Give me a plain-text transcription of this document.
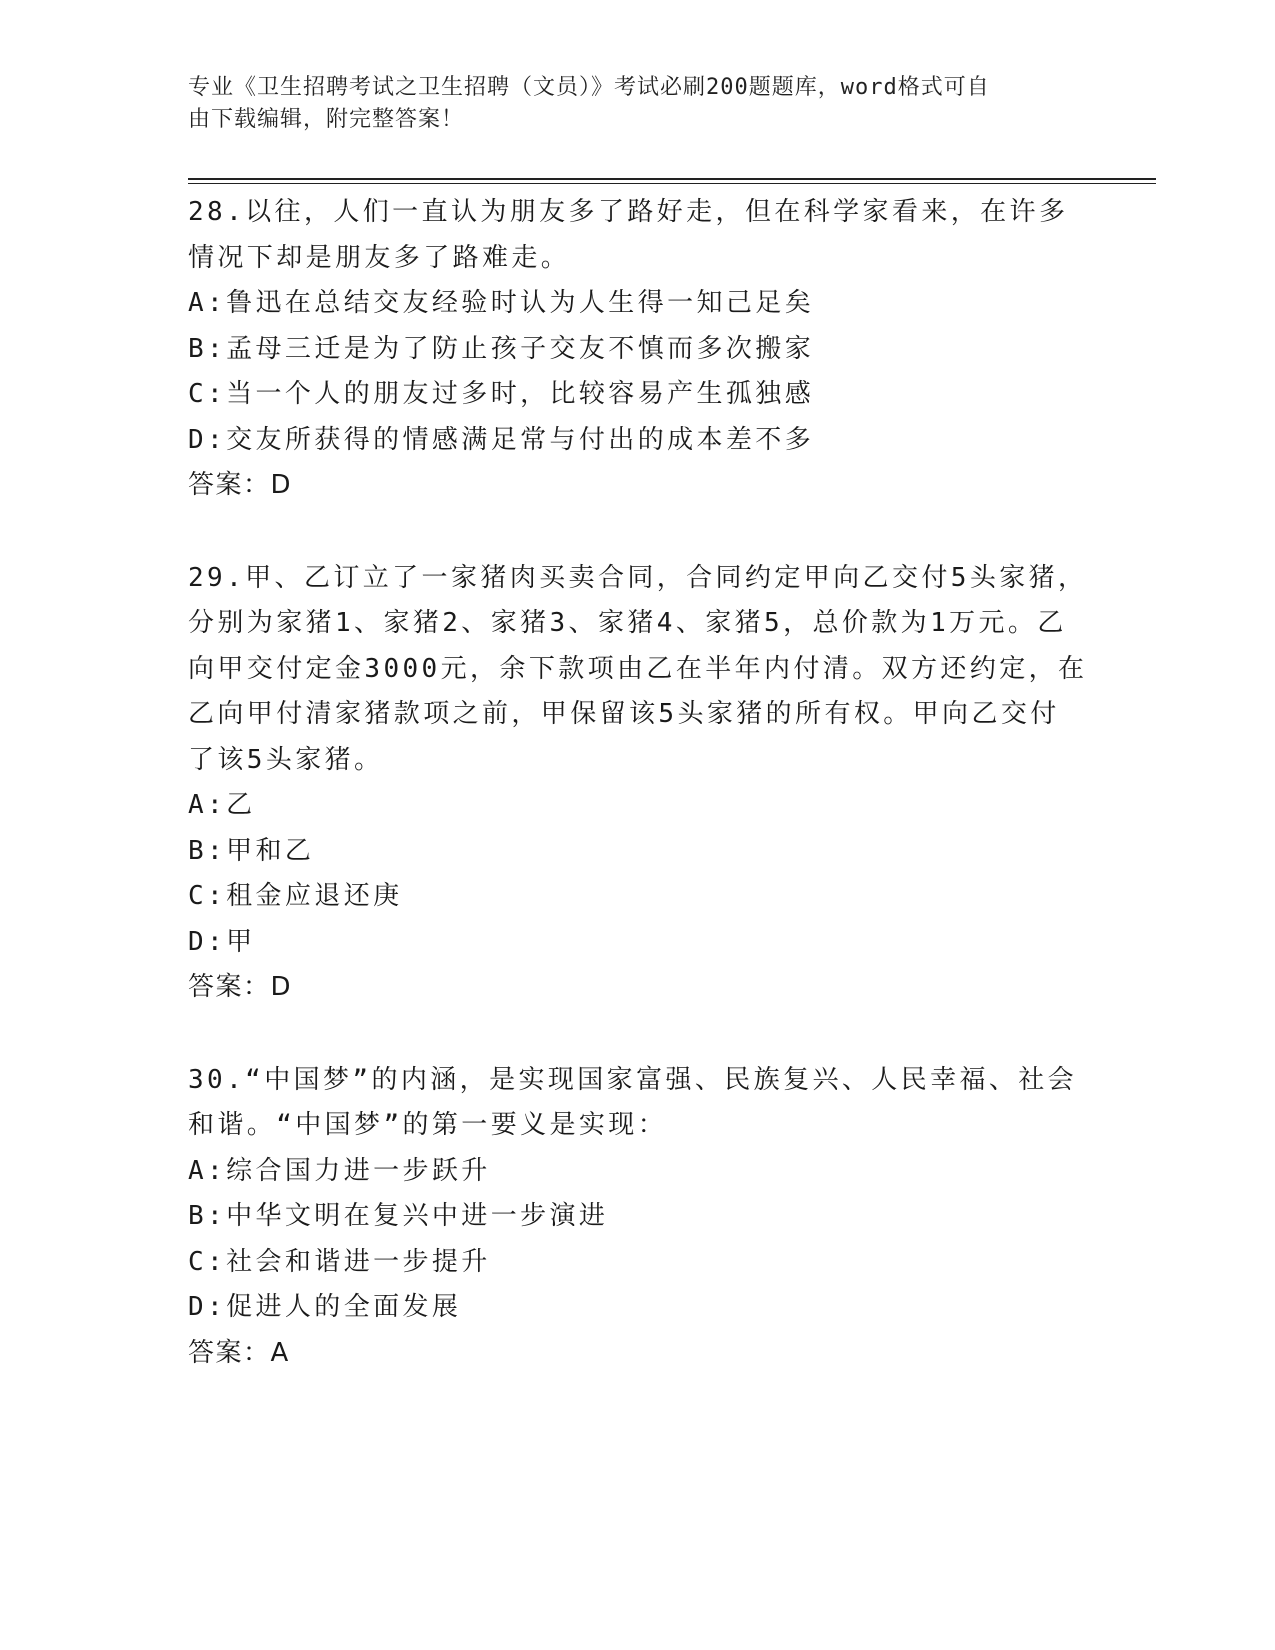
专业《卫生招聘考试之卫生招聘（文员）》考试必刷200题题库，word格式可自
由下载编辑，附完整答案！

28.以往，人们一直认为朋友多了路好走，但在科学家看来，在许多情况下却是朋友多了路难走。

A:鲁迅在总结交友经验时认为人生得一知己足矣

B:孟母三迁是为了防止孩子交友不慎而多次搬家

C:当一个人的朋友过多时，比较容易产生孤独感

D:交友所获得的情感满足常与付出的成本差不多

答案：D

29.甲、乙订立了一家猪肉买卖合同，合同约定甲向乙交付5头家猪，分别为家猪1、家猪2、家猪3、家猪4、家猪5，总价款为1万元。乙向甲交付定金3000元，余下款项由乙在半年内付清。双方还约定，在乙向甲付清家猪款项之前，甲保留该5头家猪的所有权。甲向乙交付了该5头家猪。

A:乙

B:甲和乙

C:租金应退还庚

D:甲

答案：D

30.“中国梦”的内涵，是实现国家富强、民族复兴、人民幸福、社会和谐。“中国梦”的第一要义是实现：

A:综合国力进一步跃升

B:中华文明在复兴中进一步演进

C:社会和谐进一步提升

D:促进人的全面发展

答案：A
